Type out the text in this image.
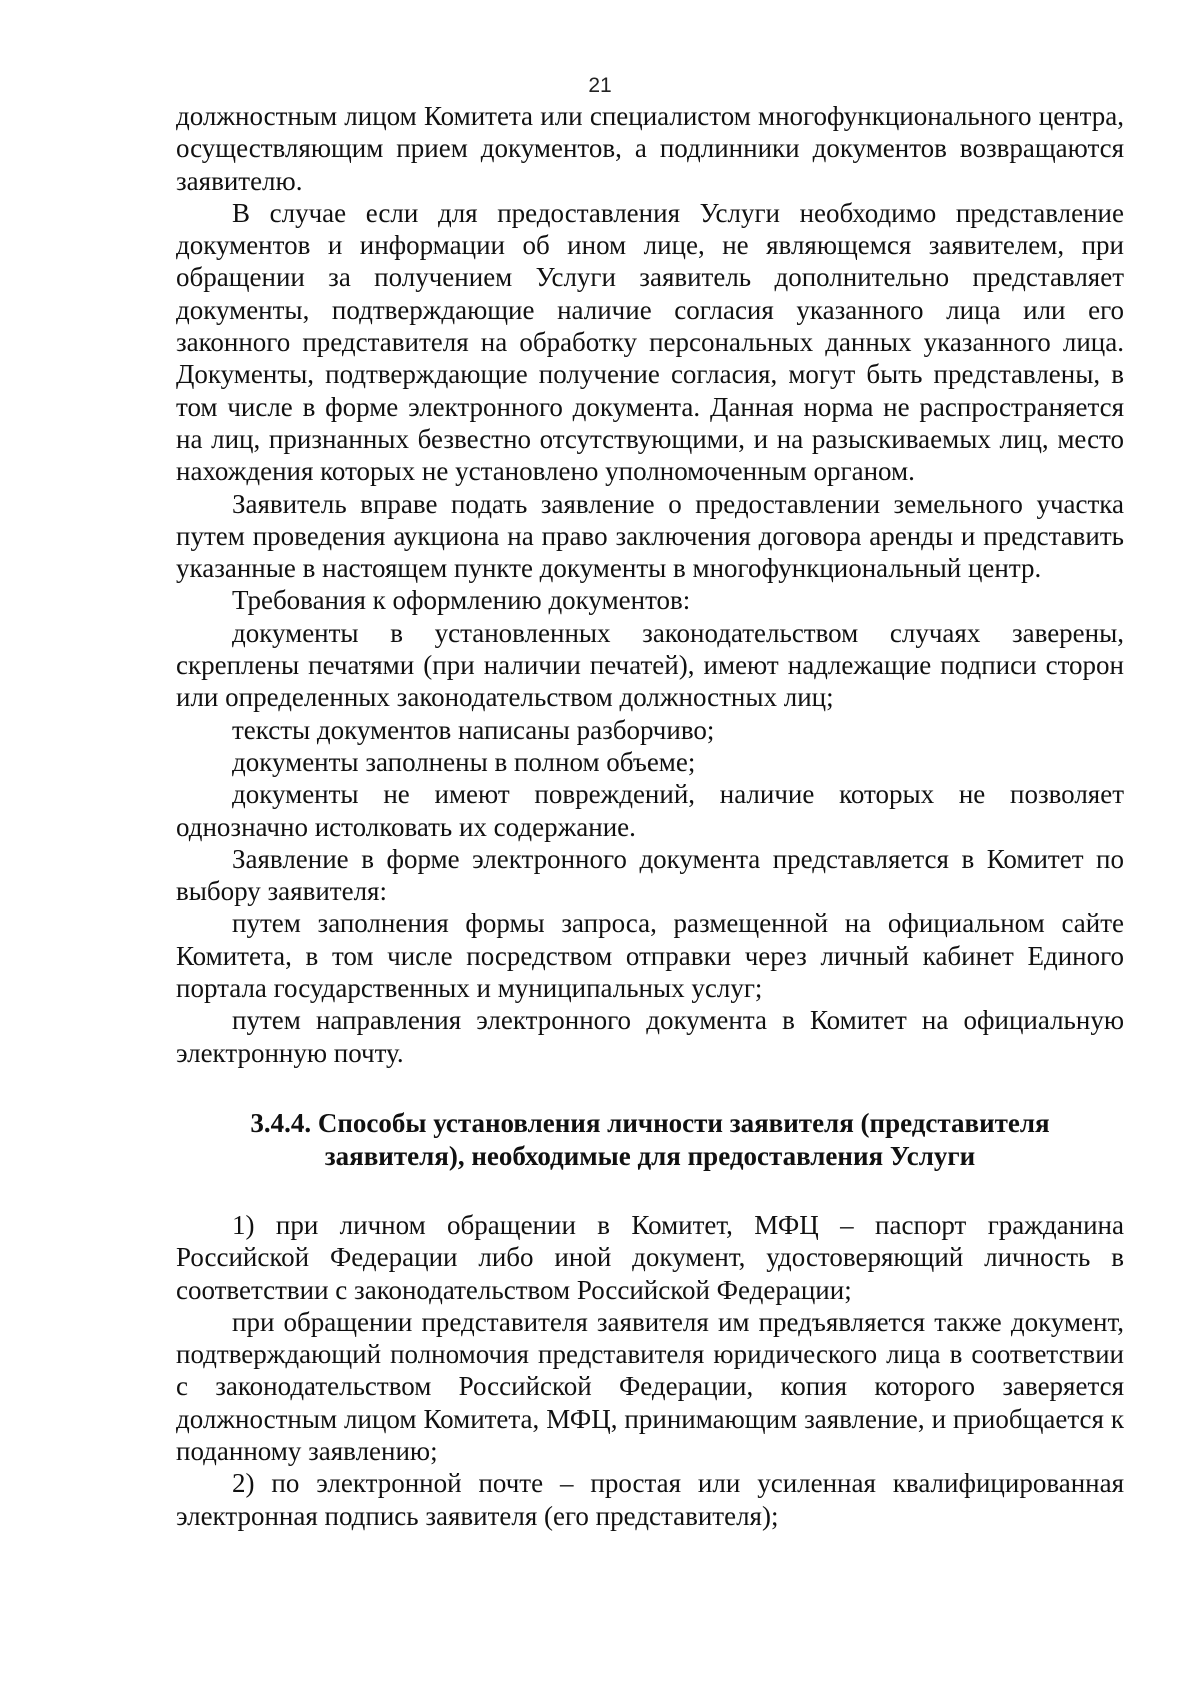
21

должностным лицом Комитета или специалистом многофункционального центра, осуществляющим прием документов, а подлинники документов возвращаются заявителю.

В случае если для предоставления Услуги необходимо представление документов и информации об ином лице, не являющемся заявителем, при обращении за получением Услуги заявитель дополнительно представляет документы, подтверждающие наличие согласия указанного лица или его законного представителя на обработку персональных данных указанного лица. Документы, подтверждающие получение согласия, могут быть представлены, в том числе в форме электронного документа. Данная норма не распространяется на лиц, признанных безвестно отсутствующими, и на разыскиваемых лиц, место нахождения которых не установлено уполномоченным органом.

Заявитель вправе подать заявление о предоставлении земельного участка путем проведения аукциона на право заключения договора аренды и представить указанные в настоящем пункте документы в многофункциональный центр.

Требования к оформлению документов:

документы в установленных законодательством случаях заверены, скреплены печатями (при наличии печатей), имеют надлежащие подписи сторон или определенных законодательством должностных лиц;

тексты документов написаны разборчиво;

документы заполнены в полном объеме;

документы не имеют повреждений, наличие которых не позволяет однозначно истолковать их содержание.

Заявление в форме электронного документа представляется в Комитет по выбору заявителя:

путем заполнения формы запроса, размещенной на официальном сайте Комитета, в том числе посредством отправки через личный кабинет Единого портала государственных и муниципальных услуг;

путем направления электронного документа в Комитет на официальную электронную почту.

3.4.4. Способы установления личности заявителя (представителя
заявителя), необходимые для предоставления Услуги

1) при личном обращении в Комитет, МФЦ – паспорт гражданина Российской Федерации либо иной документ, удостоверяющий личность в соответствии с законодательством Российской Федерации;

при обращении представителя заявителя им предъявляется также документ, подтверждающий полномочия представителя юридического лица в соответствии с законодательством Российской Федерации, копия которого заверяется должностным лицом Комитета, МФЦ, принимающим заявление, и приобщается к поданному заявлению;

2) по электронной почте – простая или усиленная квалифицированная электронная подпись заявителя (его представителя);
